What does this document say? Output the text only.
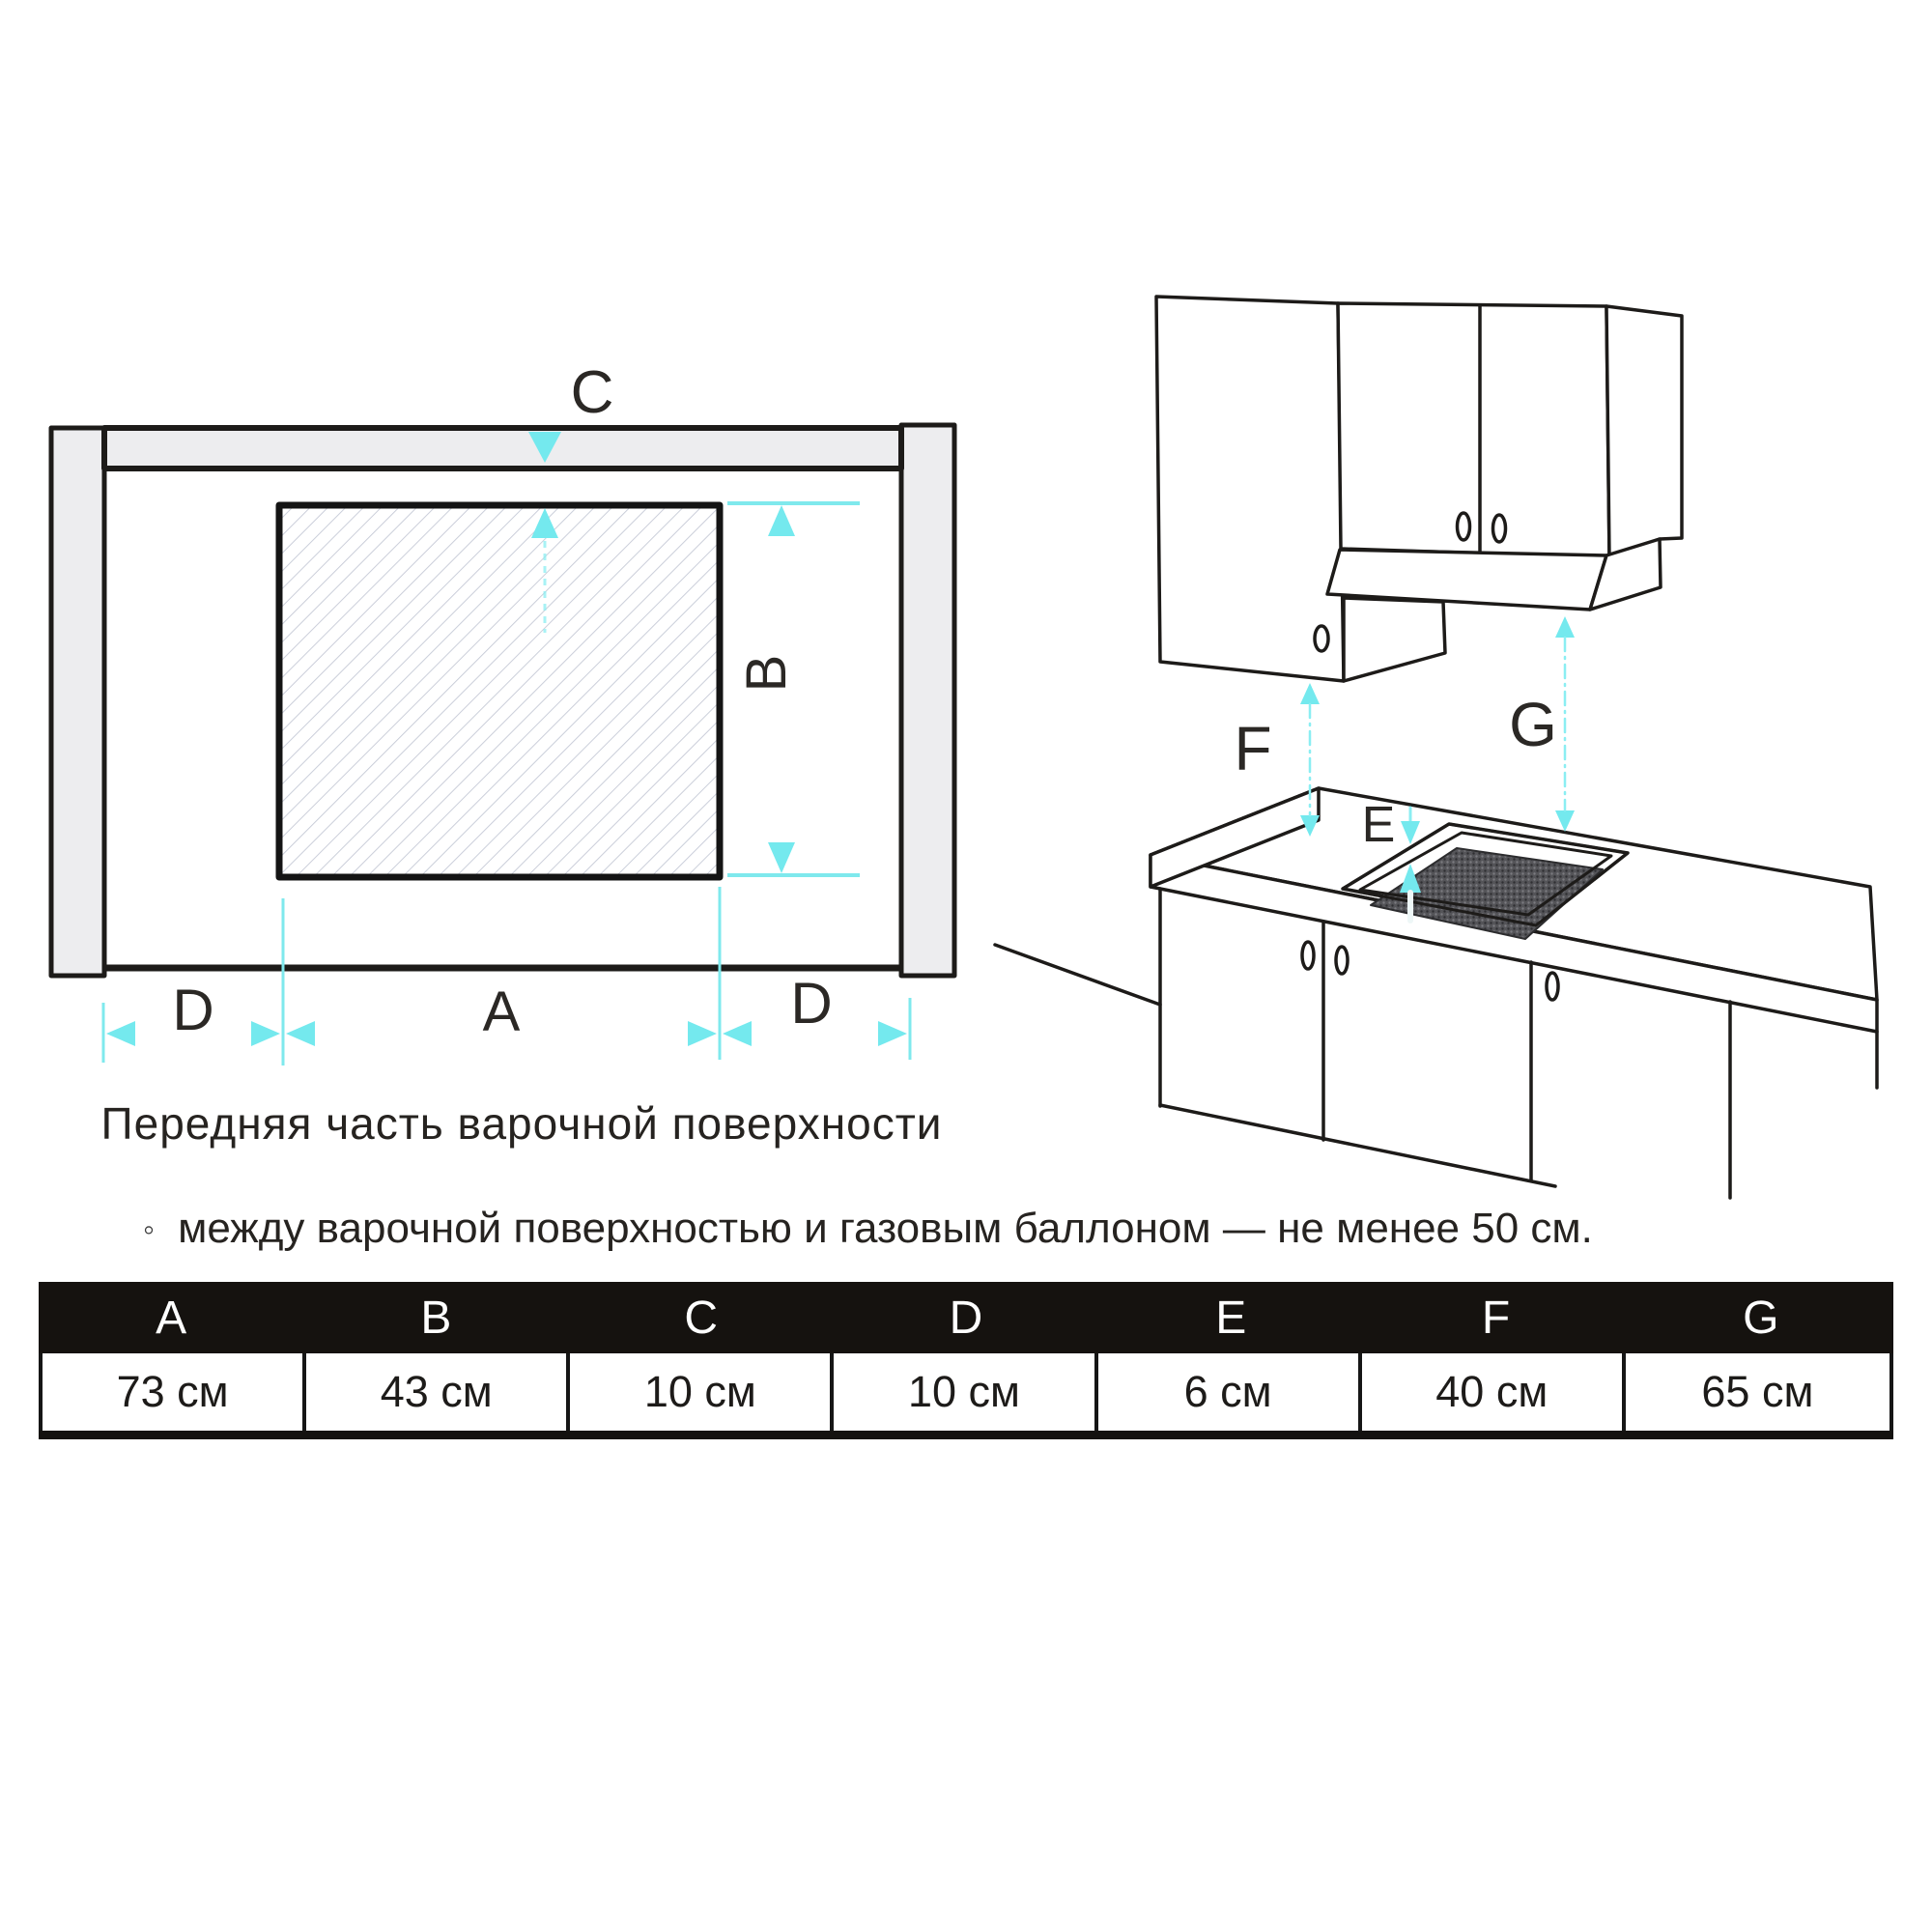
C
B
D	A	D
F	G
E
Передняя часть варочной поверхности
◦ между варочной поверхностью и газовым баллоном — не менее 50 см.
A	B	C	D	E	F	G
73 см	43 см	10 см	10 см	6 см	40 см	65 см
